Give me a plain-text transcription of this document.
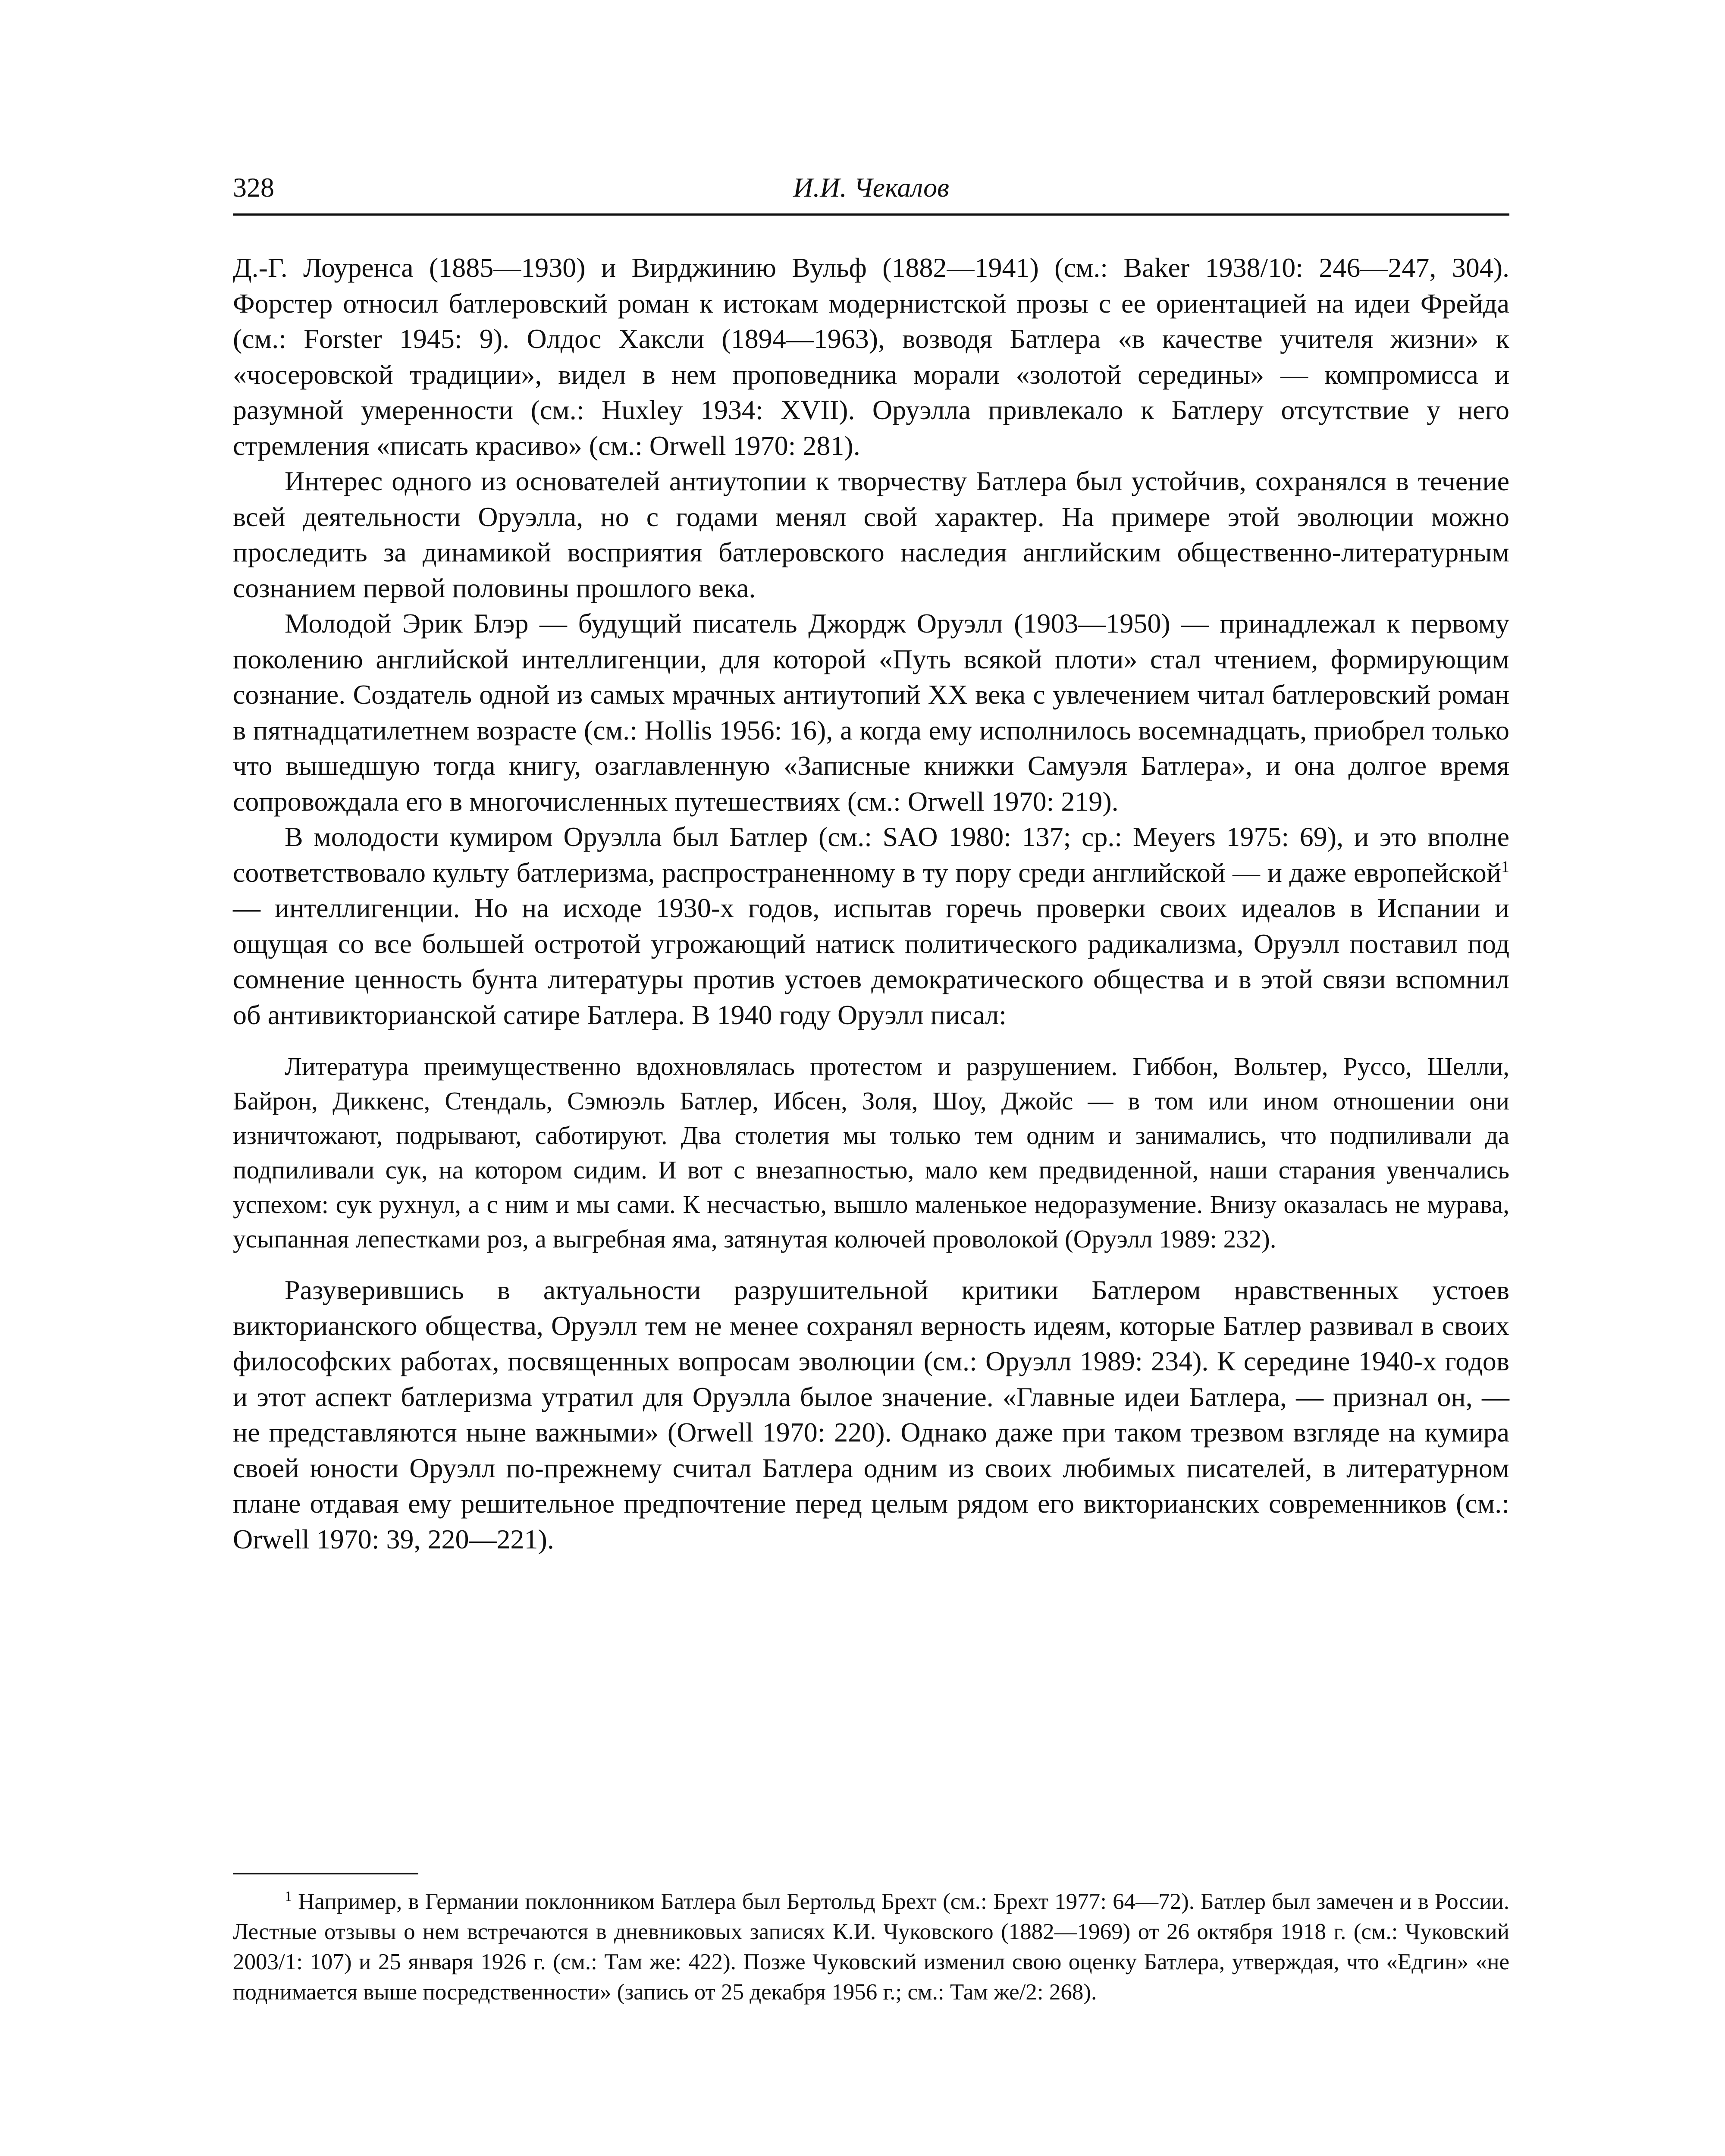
328	И.И. Чекалов

Д.-Г. Лоуренса (1885—1930) и Вирджинию Вульф (1882—1941) (см.: Baker 1938/10: 246—247, 304). Форстер относил батлеровский роман к истокам модернистской прозы с ее ориентацией на идеи Фрейда (см.: Forster 1945: 9). Олдос Хаксли (1894—1963), возводя Батлера «в качестве учителя жизни» к «чосеровской традиции», видел в нем проповедника морали «золотой середины» — компромисса и разумной умеренности (см.: Huxley 1934: XVII). Оруэлла привлекало к Батлеру отсутствие у него стремления «писать красиво» (см.: Orwell 1970: 281).

Интерес одного из основателей антиутопии к творчеству Батлера был устойчив, сохранялся в течение всей деятельности Оруэлла, но с годами менял свой характер. На примере этой эволюции можно проследить за динамикой восприятия батлеровского наследия английским общественно-литературным сознанием первой половины прошлого века.

Молодой Эрик Блэр — будущий писатель Джордж Оруэлл (1903—1950) — принадлежал к первому поколению английской интеллигенции, для которой «Путь всякой плоти» стал чтением, формирующим сознание. Создатель одной из самых мрачных антиутопий XX века с увлечением читал батлеровский роман в пятнадцатилетнем возрасте (см.: Hollis 1956: 16), а когда ему исполнилось восемнадцать, приобрел только что вышедшую тогда книгу, озаглавленную «Записные книжки Самуэля Батлера», и она долгое время сопровождала его в многочисленных путешествиях (см.: Orwell 1970: 219).

В молодости кумиром Оруэлла был Батлер (см.: SAO 1980: 137; ср.: Meyers 1975: 69), и это вполне соответствовало культу батлеризма, распространенному в ту пору среди английской — и даже европейской$^1$ — интеллигенции. Но на исходе 1930-х годов, испытав горечь проверки своих идеалов в Испании и ощущая со все большей остротой угрожающий натиск политического радикализма, Оруэлл поставил под сомнение ценность бунта литературы против устоев демократического общества и в этой связи вспомнил об антивикторианской сатире Батлера. В 1940 году Оруэлл писал:

Литература преимущественно вдохновлялась протестом и разрушением. Гиббон, Вольтер, Руссо, Шелли, Байрон, Диккенс, Стендаль, Сэмюэль Батлер, Ибсен, Золя, Шоу, Джойс — в том или ином отношении они изничтожают, подрывают, саботируют. Два столетия мы только тем одним и занимались, что подпиливали да подпиливали сук, на котором сидим. И вот с внезапностью, мало кем предвиденной, наши старания увенчались успехом: сук рухнул, а с ним и мы сами. К несчастью, вышло маленькое недоразумение. Внизу оказалась не мурава, усыпанная лепестками роз, а выгребная яма, затянутая колючей проволокой (Оруэлл 1989: 232).

Разуверившись в актуальности разрушительной критики Батлером нравственных устоев викторианского общества, Оруэлл тем не менее сохранял верность идеям, которые Батлер развивал в своих философских работах, посвященных вопросам эволюции (см.: Оруэлл 1989: 234). К середине 1940-х годов и этот аспект батлеризма утратил для Оруэлла былое значение. «Главные идеи Батлера, — признал он, — не представляются ныне важными» (Orwell 1970: 220). Однако даже при таком трезвом взгляде на кумира своей юности Оруэлл по-прежнему считал Батлера одним из своих любимых писателей, в литературном плане отдавая ему решительное предпочтение перед целым рядом его викторианских современников (см.: Orwell 1970: 39, 220—221).

$^1$ Например, в Германии поклонником Батлера был Бертольд Брехт (см.: Брехт 1977: 64—72). Батлер был замечен и в России. Лестные отзывы о нем встречаются в дневниковых записях К.И. Чуковского (1882—1969) от 26 октября 1918 г. (см.: Чуковский 2003/1: 107) и 25 января 1926 г. (см.: Там же: 422). Позже Чуковский изменил свою оценку Батлера, утверждая, что «Едгин» «не поднимается выше посредственности» (запись от 25 декабря 1956 г.; см.: Там же/2: 268).
